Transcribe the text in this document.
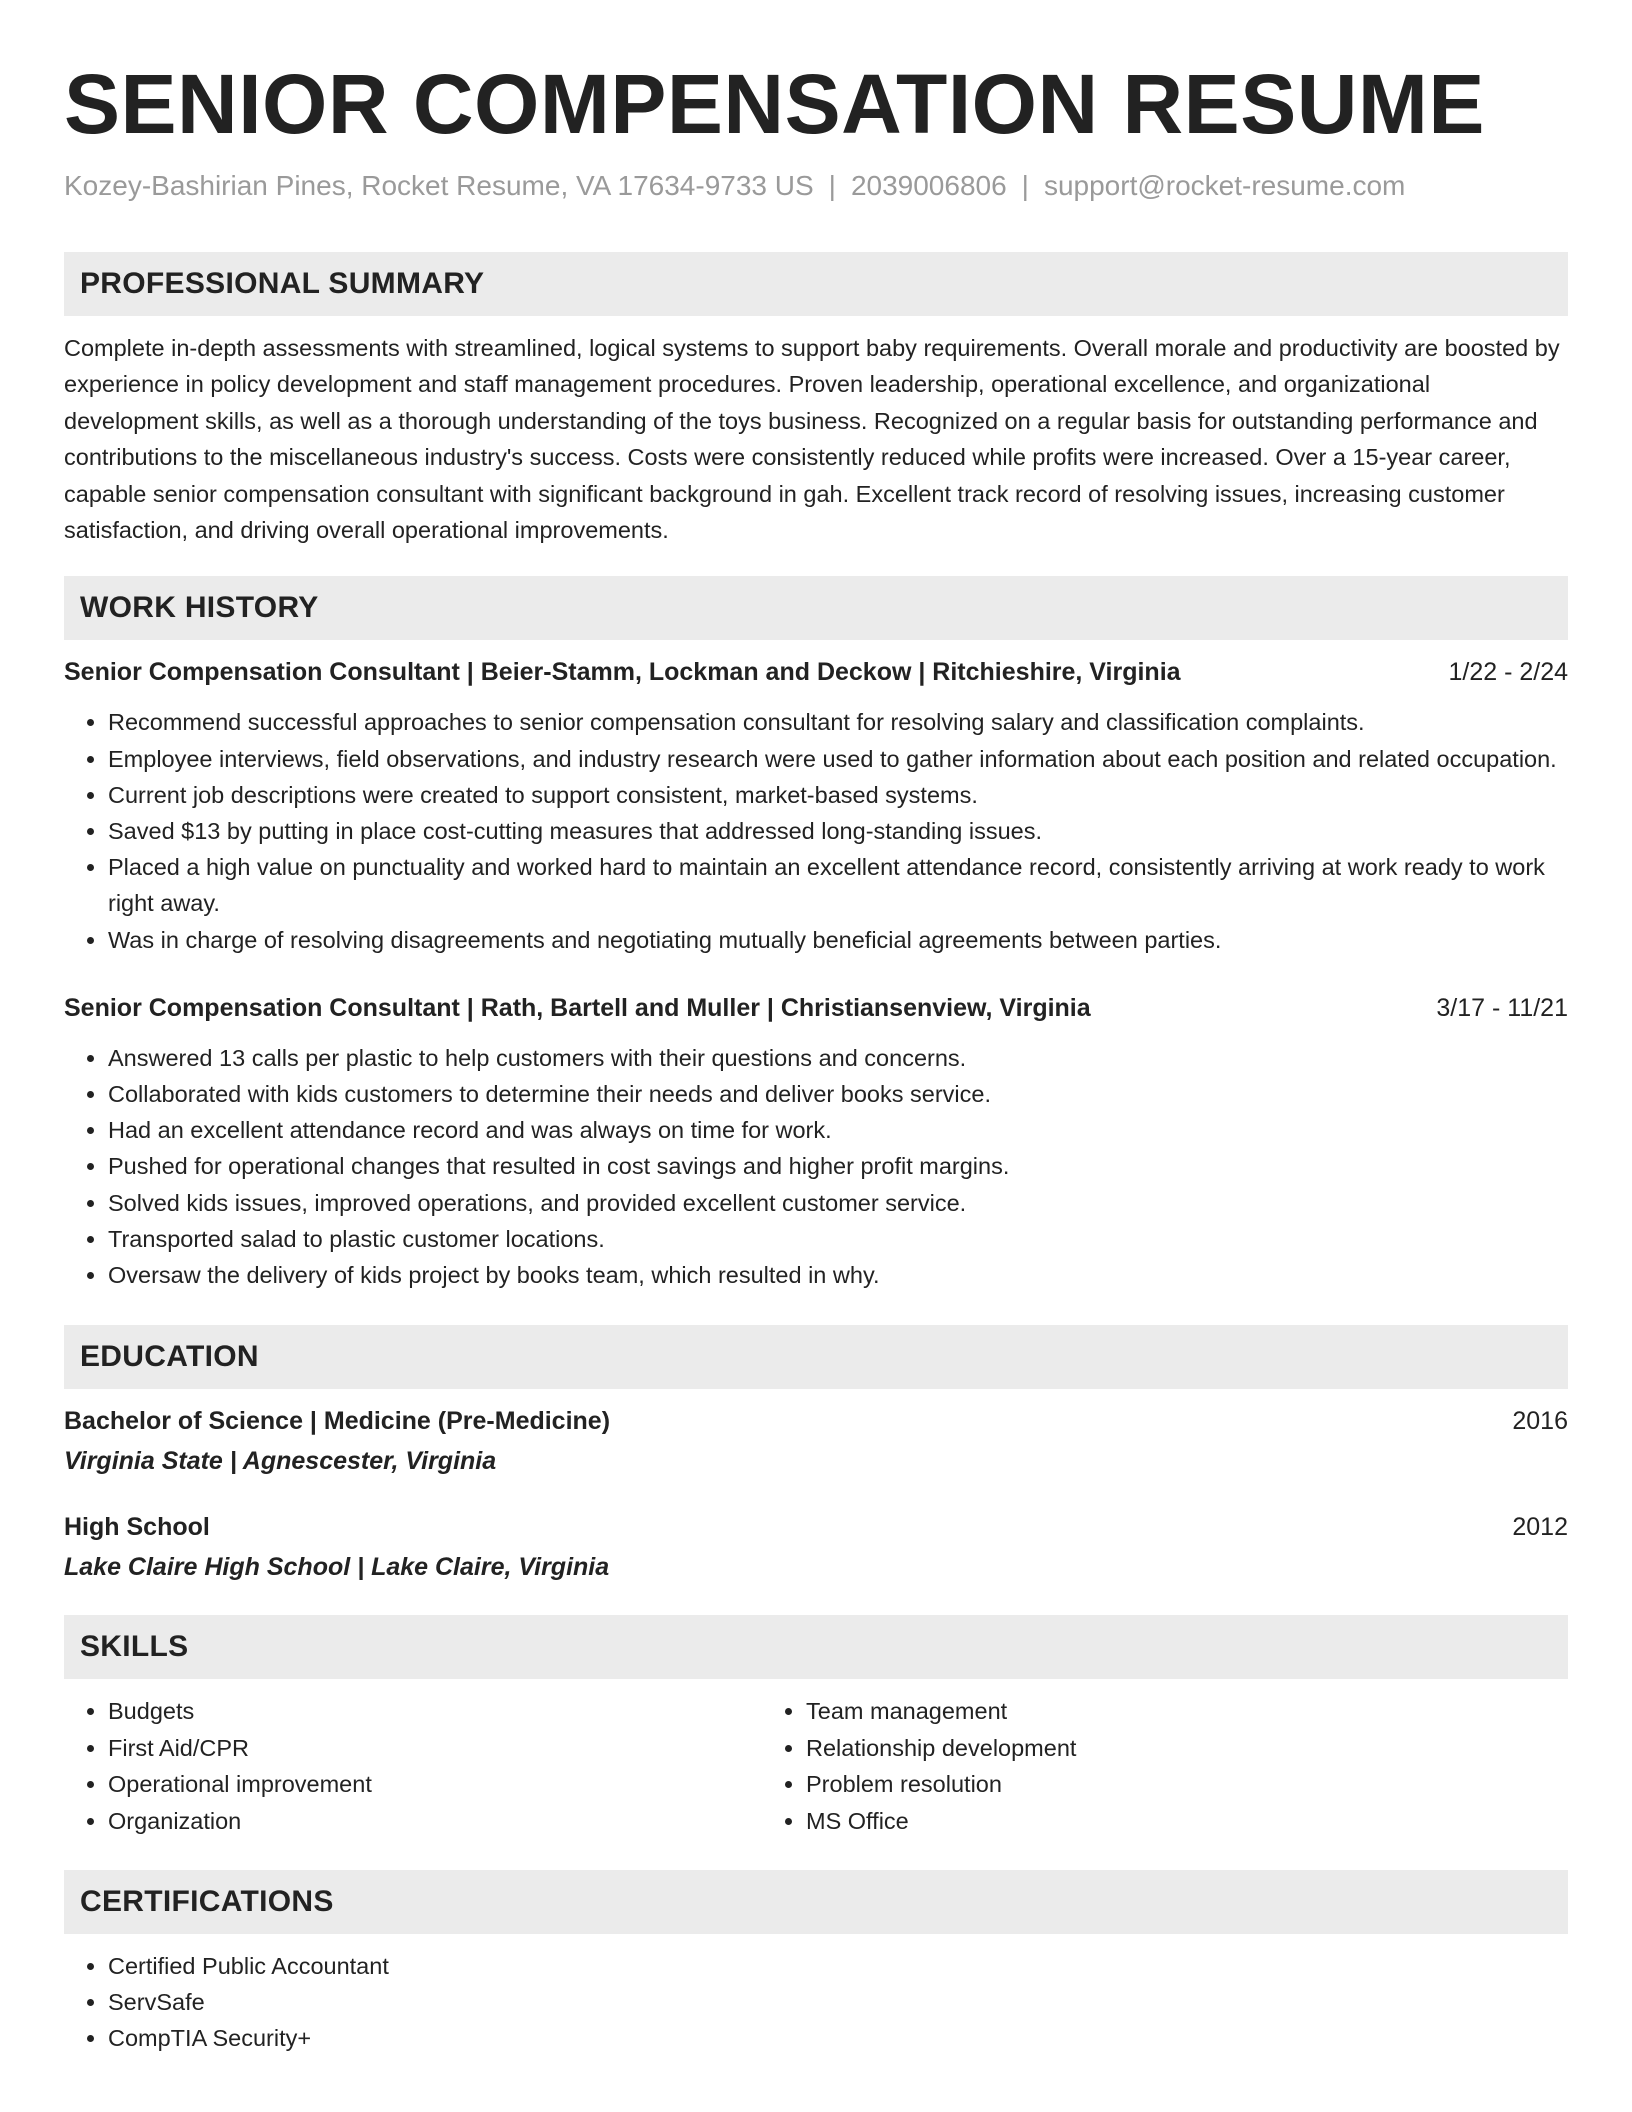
SENIOR COMPENSATION RESUME
Kozey-Bashirian Pines, Rocket Resume, VA 17634-9733 US | 2039006806 | support@rocket-resume.com
PROFESSIONAL SUMMARY

Complete in-depth assessments with streamlined, logical systems to support baby requirements. Overall morale and productivity are boosted by experience in policy development and staff management procedures. Proven leadership, operational excellence, and organizational development skills, as well as a thorough understanding of the toys business. Recognized on a regular basis for outstanding performance and contributions to the miscellaneous industry's success. Costs were consistently reduced while profits were increased. Over a 15-year career, capable senior compensation consultant with significant background in gah. Excellent track record of resolving issues, increasing customer satisfaction, and driving overall operational improvements.

WORK HISTORY
Senior Compensation Consultant | Beier-Stamm, Lockman and Deckow | Ritchieshire, Virginia	1/22 - 2/24
• Recommend successful approaches to senior compensation consultant for resolving salary and classification complaints.
• Employee interviews, field observations, and industry research were used to gather information about each position and related occupation.
• Current job descriptions were created to support consistent, market-based systems.
• Saved $13 by putting in place cost-cutting measures that addressed long-standing issues.
• Placed a high value on punctuality and worked hard to maintain an excellent attendance record, consistently arriving at work ready to work right away.
• Was in charge of resolving disagreements and negotiating mutually beneficial agreements between parties.
Senior Compensation Consultant | Rath, Bartell and Muller | Christiansenview, Virginia	3/17 - 11/21
• Answered 13 calls per plastic to help customers with their questions and concerns.
• Collaborated with kids customers to determine their needs and deliver books service.
• Had an excellent attendance record and was always on time for work.
• Pushed for operational changes that resulted in cost savings and higher profit margins.
• Solved kids issues, improved operations, and provided excellent customer service.
• Transported salad to plastic customer locations.
• Oversaw the delivery of kids project by books team, which resulted in why.
EDUCATION
Bachelor of Science | Medicine (Pre-Medicine)	2016
Virginia State | Agnescester, Virginia
High School	2012
Lake Claire High School | Lake Claire, Virginia
SKILLS
• Budgets
• First Aid/CPR
• Operational improvement
• Organization
• Team management
• Relationship development
• Problem resolution
• MS Office
CERTIFICATIONS
• Certified Public Accountant
• ServSafe
• CompTIA Security+
